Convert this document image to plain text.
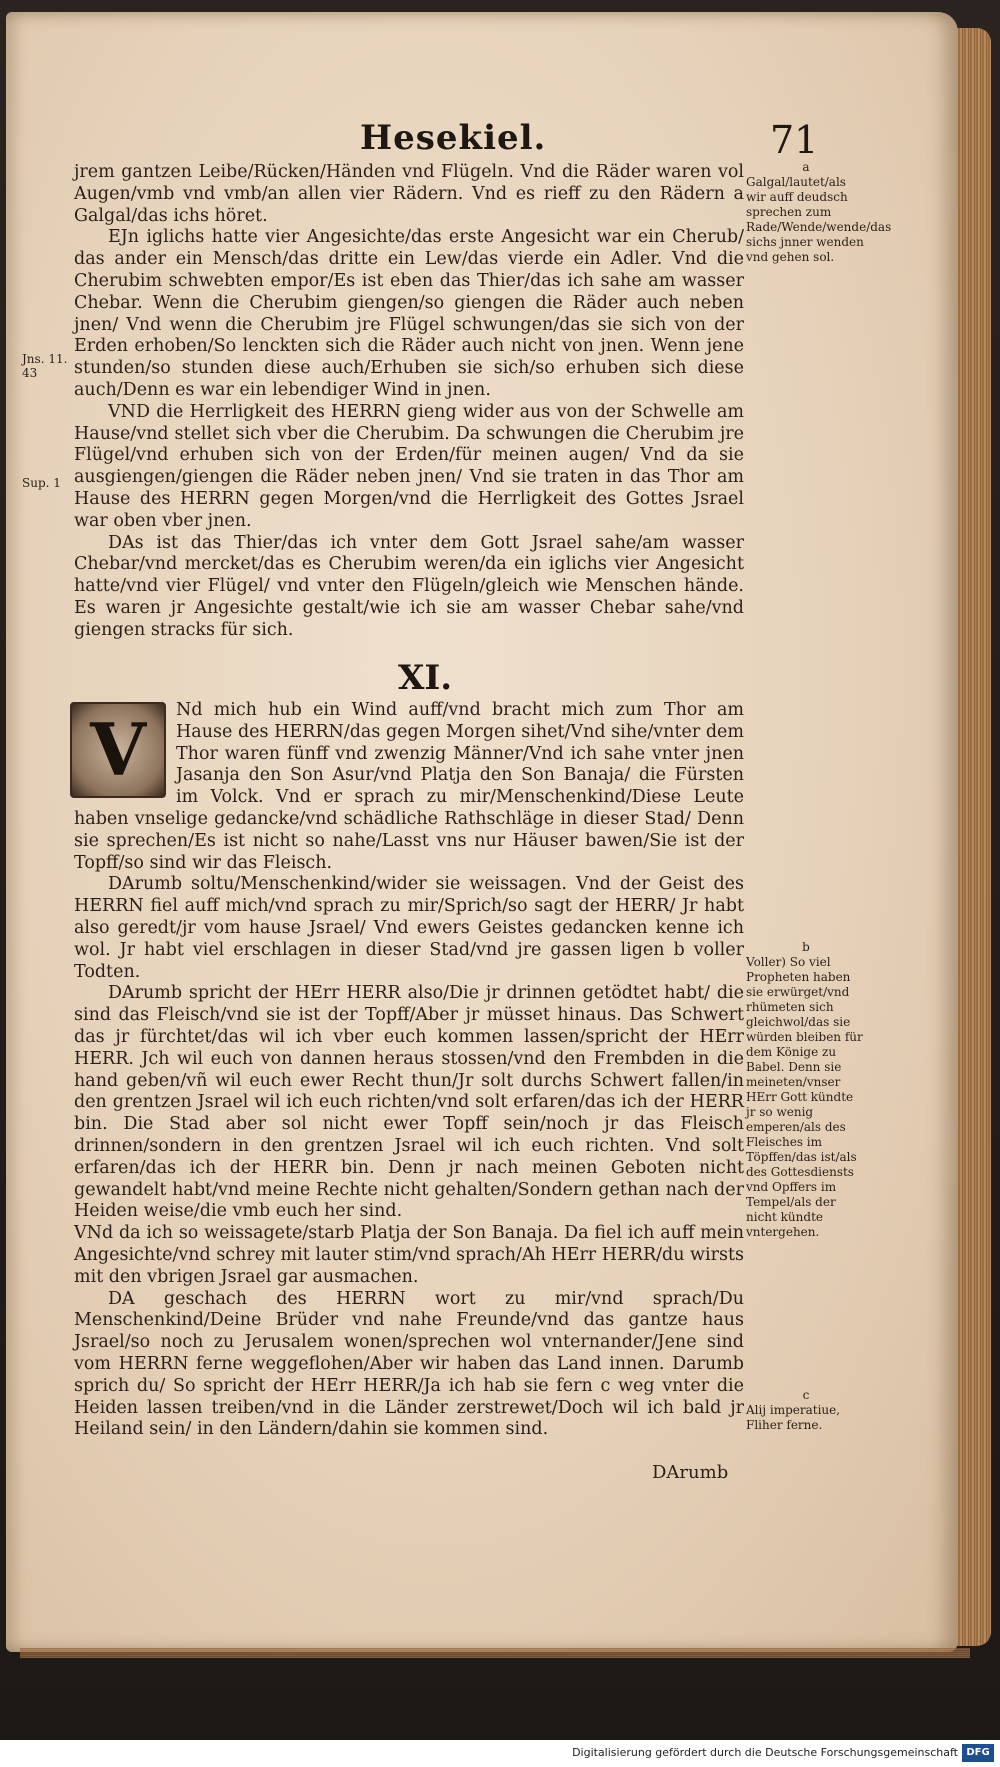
Hesekiel.	71
Jns. 11. 43
Sup. 1

jrem gantzen Leibe/Rücken/Händen vnd Flügeln. Vnd die Räder waren vol Augen/vmb vnd vmb/an allen vier Rädern. Vnd es rieff zu den Rädern a Galgal/das ichs höret.

EJn iglichs hatte vier Angesichte/das erste Angesicht war ein Cherub/ das ander ein Mensch/das dritte ein Lew/das vierde ein Adler. Vnd die Cherubim schwebten empor/Es ist eben das Thier/das ich sahe am wasser Chebar. Wenn die Cherubim giengen/so giengen die Räder auch neben jnen/ Vnd wenn die Cherubim jre Flügel schwungen/das sie sich von der Erden erhoben/So lenckten sich die Räder auch nicht von jnen. Wenn jene stunden/so stunden diese auch/Erhuben sie sich/so erhuben sich diese auch/Denn es war ein lebendiger Wind in jnen.

VND die Herrligkeit des HERRN gieng wider aus von der Schwelle am Hause/vnd stellet sich vber die Cherubim. Da schwungen die Cherubim jre Flügel/vnd erhuben sich von der Erden/für meinen augen/ Vnd da sie ausgiengen/giengen die Räder neben jnen/ Vnd sie traten in das Thor am Hause des HERRN gegen Morgen/vnd die Herrligkeit des Gottes Jsrael war oben vber jnen.

DAs ist das Thier/das ich vnter dem Gott Jsrael sahe/am wasser Chebar/vnd mercket/das es Cherubim weren/da ein iglichs vier Angesicht hatte/vnd vier Flügel/ vnd vnter den Flügeln/gleich wie Menschen hände. Es waren jr Angesichte gestalt/wie ich sie am wasser Chebar sahe/vnd giengen stracks für sich.

XI.

V	Nd mich hub ein Wind auff/vnd bracht mich zum Thor am Hause des HERRN/das gegen Morgen sihet/Vnd sihe/vnter dem Thor waren fünff vnd zwenzig Männer/Vnd ich sahe vnter jnen Jasanja den Son Asur/vnd Platja den Son Banaja/ die Fürsten im Volck. Vnd er sprach zu mir/Menschenkind/Diese Leute haben vnselige gedancke/vnd schädliche Rathschläge in dieser Stad/ Denn sie sprechen/Es ist nicht so nahe/Lasst vns nur Häuser bawen/Sie ist der Topff/so sind wir das Fleisch.

DArumb soltu/Menschenkind/wider sie weissagen. Vnd der Geist des HERRN fiel auff mich/vnd sprach zu mir/Sprich/so sagt der HERR/ Jr habt also geredt/jr vom hause Jsrael/ Vnd ewers Geistes gedancken kenne ich wol. Jr habt viel erschlagen in dieser Stad/vnd jre gassen ligen b voller Todten.

DArumb spricht der HErr HERR also/Die jr drinnen getödtet habt/ die sind das Fleisch/vnd sie ist der Topff/Aber jr müsset hinaus. Das Schwert das jr fürchtet/das wil ich vber euch kommen lassen/spricht der HErr HERR. Jch wil euch von dannen heraus stossen/vnd den Frembden in die hand geben/vñ wil euch ewer Recht thun/Jr solt durchs Schwert fallen/in den grentzen Jsrael wil ich euch richten/vnd solt erfaren/das ich der HERR bin. Die Stad aber sol nicht ewer Topff sein/noch jr das Fleisch drinnen/sondern in den grentzen Jsrael wil ich euch richten. Vnd solt erfaren/das ich der HERR bin. Denn jr nach meinen Geboten nicht gewandelt habt/vnd meine Rechte nicht gehalten/Sondern gethan nach der Heiden weise/die vmb euch her sind.

VNd da ich so weissagete/starb Platja der Son Banaja. Da fiel ich auff mein Angesichte/vnd schrey mit lauter stim/vnd sprach/Ah HErr HERR/du wirsts mit den vbrigen Jsrael gar ausmachen.

DA geschach des HERRN wort zu mir/vnd sprach/Du Menschenkind/Deine Brüder vnd nahe Freunde/vnd das gantze haus Jsrael/so noch zu Jerusalem wonen/sprechen wol vnternander/Jene sind vom HERRN ferne weggeflohen/Aber wir haben das Land innen. Darumb sprich du/ So spricht der HErr HERR/Ja ich hab sie fern c weg vnter die Heiden lassen treiben/vnd in die Länder zerstrewet/Doch wil ich bald jr Heiland sein/ in den Ländern/dahin sie kommen sind.

a
Galgal/lautet/als wir auff deudsch sprechen zum Rade/Wende/wende/das sichs jnner wenden vnd gehen sol.
b
Voller) So viel Propheten haben sie erwürget/vnd rhümeten sich gleichwol/das sie würden bleiben für dem Könige zu Babel. Denn sie meineten/vnser HErr Gott kündte jr so wenig emperen/als des Fleisches im Töpffen/das ist/als des Gottesdiensts vnd Opffers im Tempel/als der nicht kündte vntergehen.
c
Alij imperatiue, Fliher ferne.
DArumb
Digitalisierung gefördert durch die Deutsche Forschungsgemeinschaft DFG
